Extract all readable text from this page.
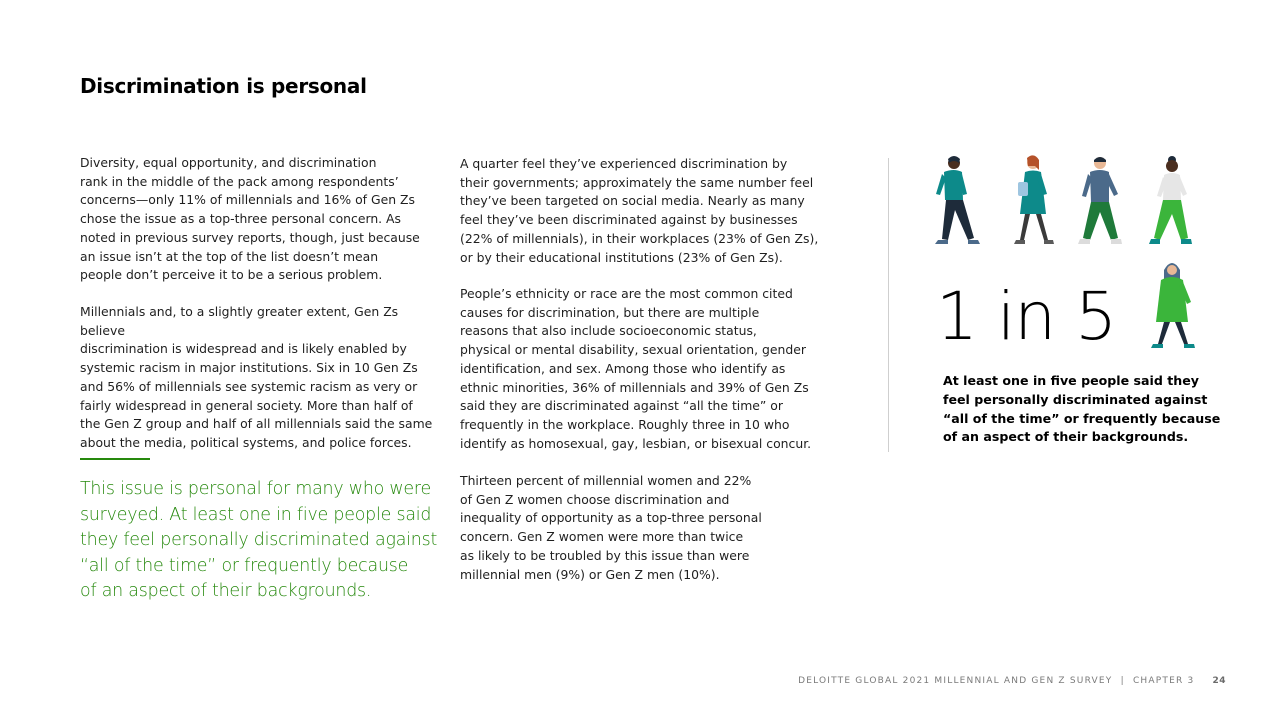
Discrimination is personal

Diversity, equal opportunity, and discrimination
rank in the middle of the pack among respondents’
concerns—only 11% of millennials and 16% of Gen Zs
chose the issue as a top-three personal concern. As
noted in previous survey reports, though, just because
an issue isn’t at the top of the list doesn’t mean
people don’t perceive it to be a serious problem.

Millennials and, to a slightly greater extent, Gen Zs believe
discrimination is widespread and is likely enabled by
systemic racism in major institutions. Six in 10 Gen Zs
and 56% of millennials see systemic racism as very or
fairly widespread in general society. More than half of
the Gen Z group and half of all millennials said the same
about the media, political systems, and police forces.

This issue is personal for many who were
surveyed. At least one in five people said
they feel personally discriminated against
“all of the time” or frequently because
of an aspect of their backgrounds.

A quarter feel they’ve experienced discrimination by
their governments; approximately the same number feel
they’ve been targeted on social media. Nearly as many
feel they’ve been discriminated against by businesses
(22% of millennials), in their workplaces (23% of Gen Zs),
or by their educational institutions (23% of Gen Zs).

People’s ethnicity or race are the most common cited
causes for discrimination, but there are multiple
reasons that also include socioeconomic status,
physical or mental disability, sexual orientation, gender
identification, and sex. Among those who identify as
ethnic minorities, 36% of millennials and 39% of Gen Zs
said they are discriminated against “all the time” or
frequently in the workplace. Roughly three in 10 who
identify as homosexual, gay, lesbian, or bisexual concur.

Thirteen percent of millennial women and 22%
of Gen Z women choose discrimination and
inequality of opportunity as a top-three personal
concern. Gen Z women were more than twice
as likely to be troubled by this issue than were
millennial men (9%) or Gen Z men (10%).

1 in 5

At least one in five people said they
feel personally discriminated against
“all of the time” or frequently because
of an aspect of their backgrounds.

DELOITTE GLOBAL 2021 MILLENNIAL AND GEN Z SURVEY  |  CHAPTER 3 24
